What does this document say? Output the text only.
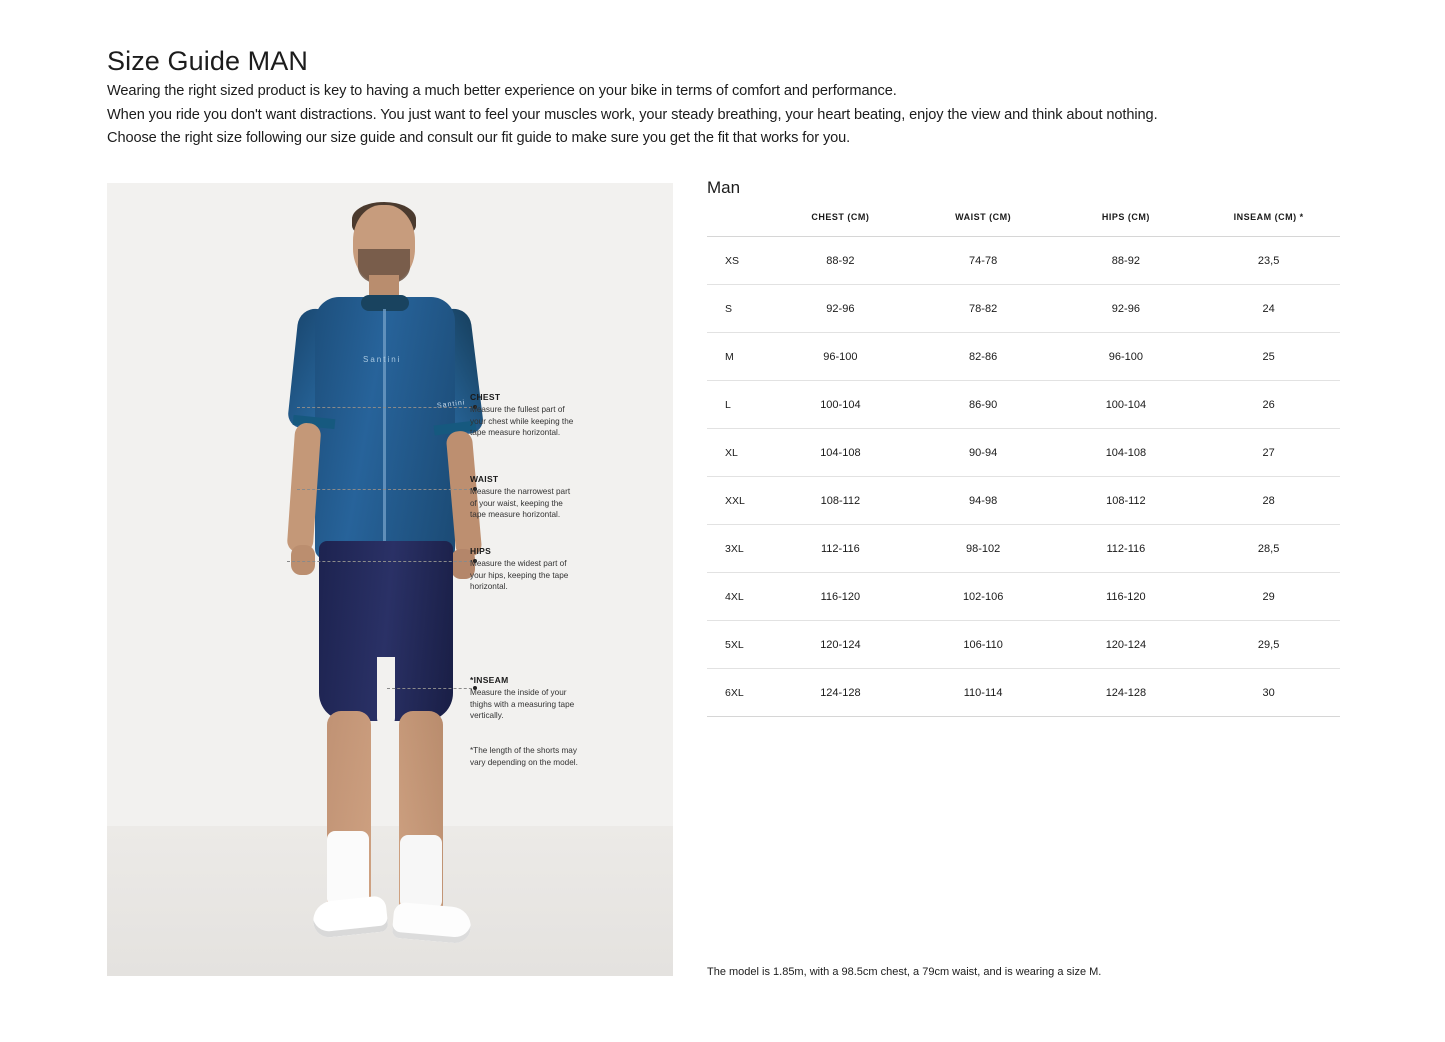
Size Guide MAN

Wearing the right sized product is key to having a much better experience on your bike in terms of comfort and performance.

When you ride you don't want distractions. You just want to feel your muscles work, your steady breathing, your heart beating, enjoy the view and think about nothing.

Choose the right size following our size guide and consult our fit guide to make sure you get the fit that works for you.

Santini
Santini
CHEST
Measure the fullest part of your chest while keeping the tape measure horizontal.
WAIST
Measure the narrowest part of your waist, keeping the tape measure horizontal.
HIPS
Measure the widest part of your hips, keeping the tape horizontal.
*INSEAM
Measure the inside of your thighs with a measuring tape vertically.
*The length of the shorts may vary depending on the model.
Man
	CHEST (CM)	WAIST (CM)	HIPS (CM)	INSEAM (CM) *
XS	88-92	74-78	88-92	23,5
S	92-96	78-82	92-96	24
M	96-100	82-86	96-100	25
L	100-104	86-90	100-104	26
XL	104-108	90-94	104-108	27
XXL	108-112	94-98	108-112	28
3XL	112-116	98-102	112-116	28,5
4XL	116-120	102-106	116-120	29
5XL	120-124	106-110	120-124	29,5
6XL	124-128	110-114	124-128	30
The model is 1.85m, with a 98.5cm chest, a 79cm waist, and is wearing a size M.
